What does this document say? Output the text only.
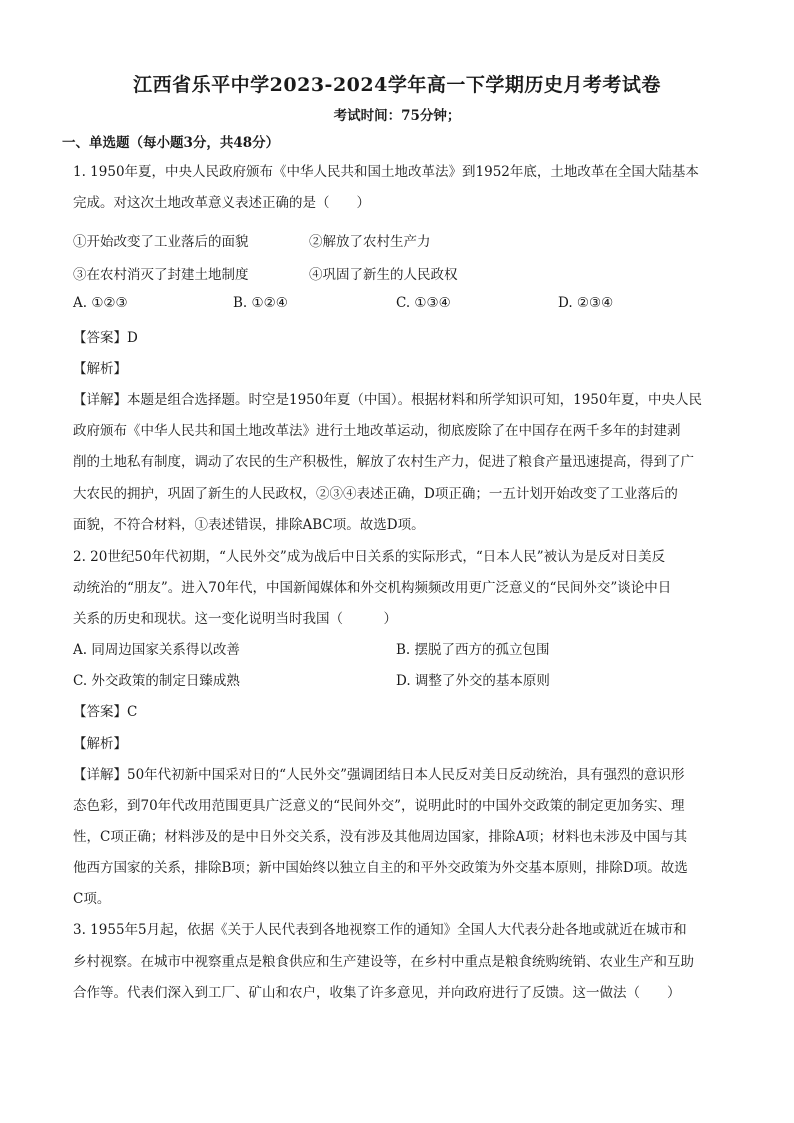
江西省乐平中学2023-2024学年高一下学期历史月考考试卷
考试时间：75分钟；
一、单选题（每小题3分，共48分）
1. 1950年夏，中央人民政府颁布《中华人民共和国土地改革法》到1952年底，土地改革在全国大陆基本
完成。对这次土地改革意义表述正确的是（　　）
①开始改变了工业落后的面貌	②解放了农村生产力
③在农村消灭了封建土地制度	④巩固了新生的人民政权
A. ①②③	B. ①②④	C. ①③④	D. ②③④
【答案】D
【解析】
【详解】本题是组合选择题。时空是1950年夏（中国）。根据材料和所学知识可知，1950年夏，中央人民
政府颁布《中华人民共和国土地改革法》进行土地改革运动，彻底废除了在中国存在两千多年的封建剥
削的土地私有制度，调动了农民的生产积极性，解放了农村生产力，促进了粮食产量迅速提高，得到了广
大农民的拥护，巩固了新生的人民政权，②③④表述正确，D项正确；一五计划开始改变了工业落后的
面貌，不符合材料，①表述错误，排除ABC项。故选D项。
2. 20世纪50年代初期，“人民外交”成为战后中日关系的实际形式，“日本人民”被认为是反对日美反
动统治的“朋友”。进入70年代，中国新闻媒体和外交机构频频改用更广泛意义的“民间外交”谈论中日
关系的历史和现状。这一变化说明当时我国（　　　）
A. 同周边国家关系得以改善	B. 摆脱了西方的孤立包围
C. 外交政策的制定日臻成熟	D. 调整了外交的基本原则
【答案】C
【解析】
【详解】50年代初新中国采对日的“人民外交”强调团结日本人民反对美日反动统治，具有强烈的意识形
态色彩，到70年代改用范围更具广泛意义的“民间外交”，说明此时的中国外交政策的制定更加务实、理
性，C项正确；材料涉及的是中日外交关系，没有涉及其他周边国家，排除A项；材料也未涉及中国与其
他西方国家的关系，排除B项；新中国始终以独立自主的和平外交政策为外交基本原则，排除D项。故选
C项。
3. 1955年5月起，依据《关于人民代表到各地视察工作的通知》全国人大代表分赴各地或就近在城市和
乡村视察。在城市中视察重点是粮食供应和生产建设等，在乡村中重点是粮食统购统销、农业生产和互助
合作等。代表们深入到工厂、矿山和农户，收集了许多意见，并向政府进行了反馈。这一做法（　　）
